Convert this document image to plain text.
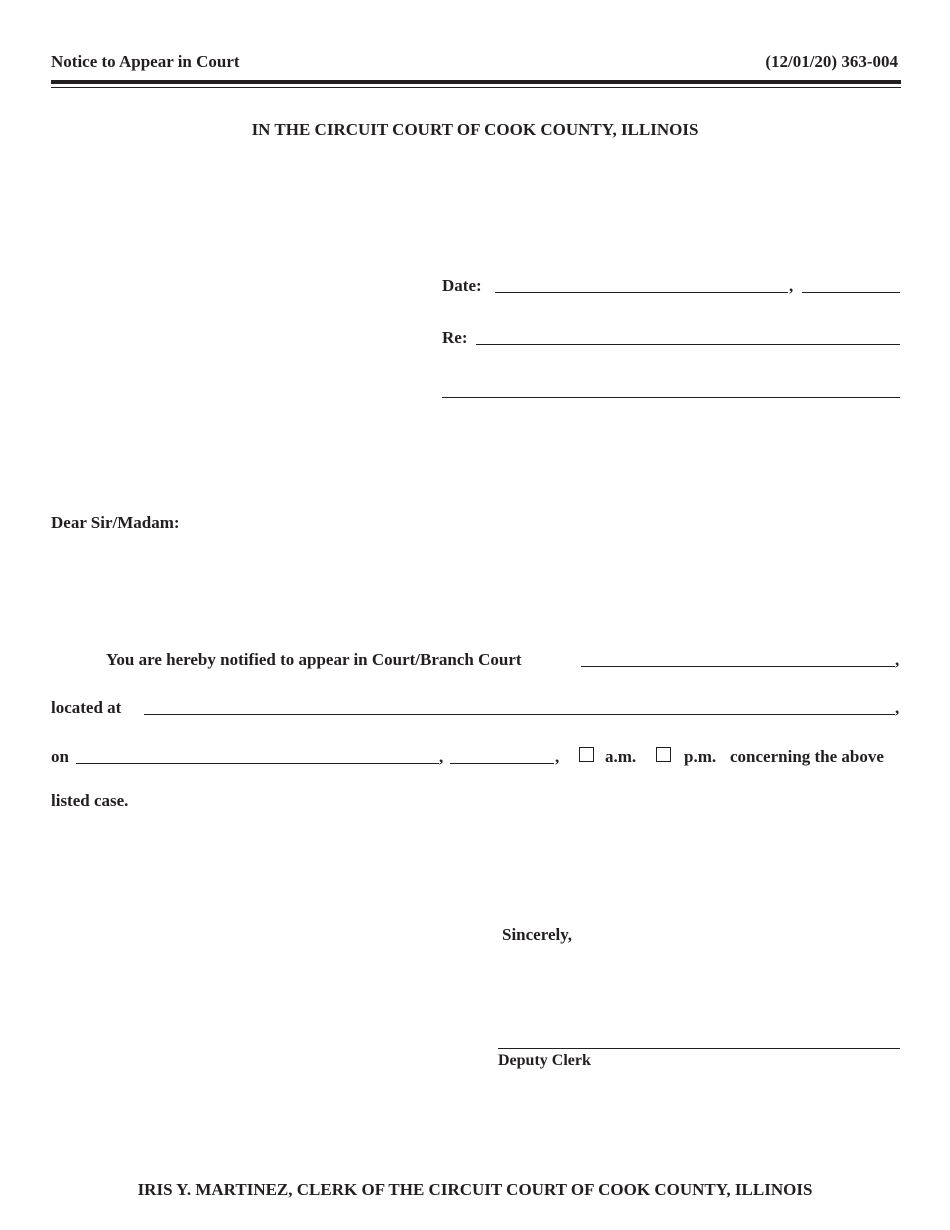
Notice to Appear in Court	(12/01/20) 363-004
IN THE CIRCUIT COURT OF COOK COUNTY, ILLINOIS
Date:	,
Re:
Dear Sir/Madam:
You are hereby notified to appear in Court/Branch Court	,
located at	,
on	,	,	a.m.	p.m. concerning the above
listed case.
Sincerely,
Deputy Clerk
IRIS Y. MARTINEZ, CLERK OF THE CIRCUIT COURT OF COOK COUNTY, ILLINOIS
